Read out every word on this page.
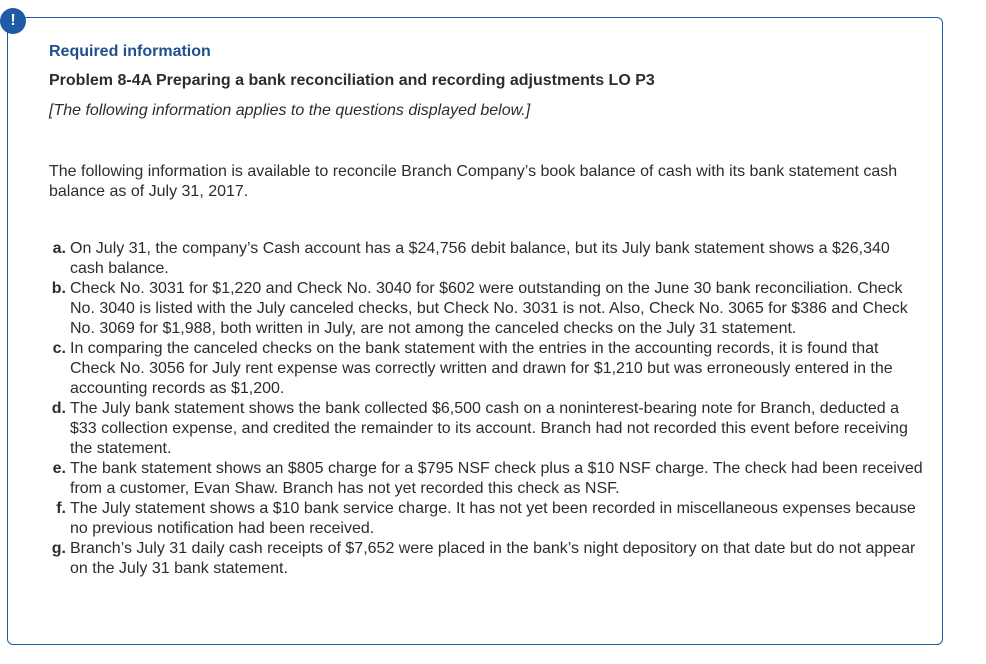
!
Required information
Problem 8-4A Preparing a bank reconciliation and recording adjustments LO P3
[The following information applies to the questions displayed below.]
The following information is available to reconcile Branch Company’s book balance of cash with its bank statement cash balance as of July 31, 2017.
a. On July 31, the company’s Cash account has a $24,756 debit balance, but its July bank statement shows a $26,340 cash balance.
b. Check No. 3031 for $1,220 and Check No. 3040 for $602 were outstanding on the June 30 bank reconciliation. Check No. 3040 is listed with the July canceled checks, but Check No. 3031 is not. Also, Check No. 3065 for $386 and Check No. 3069 for $1,988, both written in July, are not among the canceled checks on the July 31 statement.
c. In comparing the canceled checks on the bank statement with the entries in the accounting records, it is found that Check No. 3056 for July rent expense was correctly written and drawn for $1,210 but was erroneously entered in the accounting records as $1,200.
d. The July bank statement shows the bank collected $6,500 cash on a noninterest-bearing note for Branch, deducted a $33 collection expense, and credited the remainder to its account. Branch had not recorded this event before receiving the statement.
e. The bank statement shows an $805 charge for a $795 NSF check plus a $10 NSF charge. The check had been received from a customer, Evan Shaw. Branch has not yet recorded this check as NSF.
f. The July statement shows a $10 bank service charge. It has not yet been recorded in miscellaneous expenses because no previous notification had been received.
g. Branch’s July 31 daily cash receipts of $7,652 were placed in the bank’s night depository on that date but do not appear on the July 31 bank statement.
